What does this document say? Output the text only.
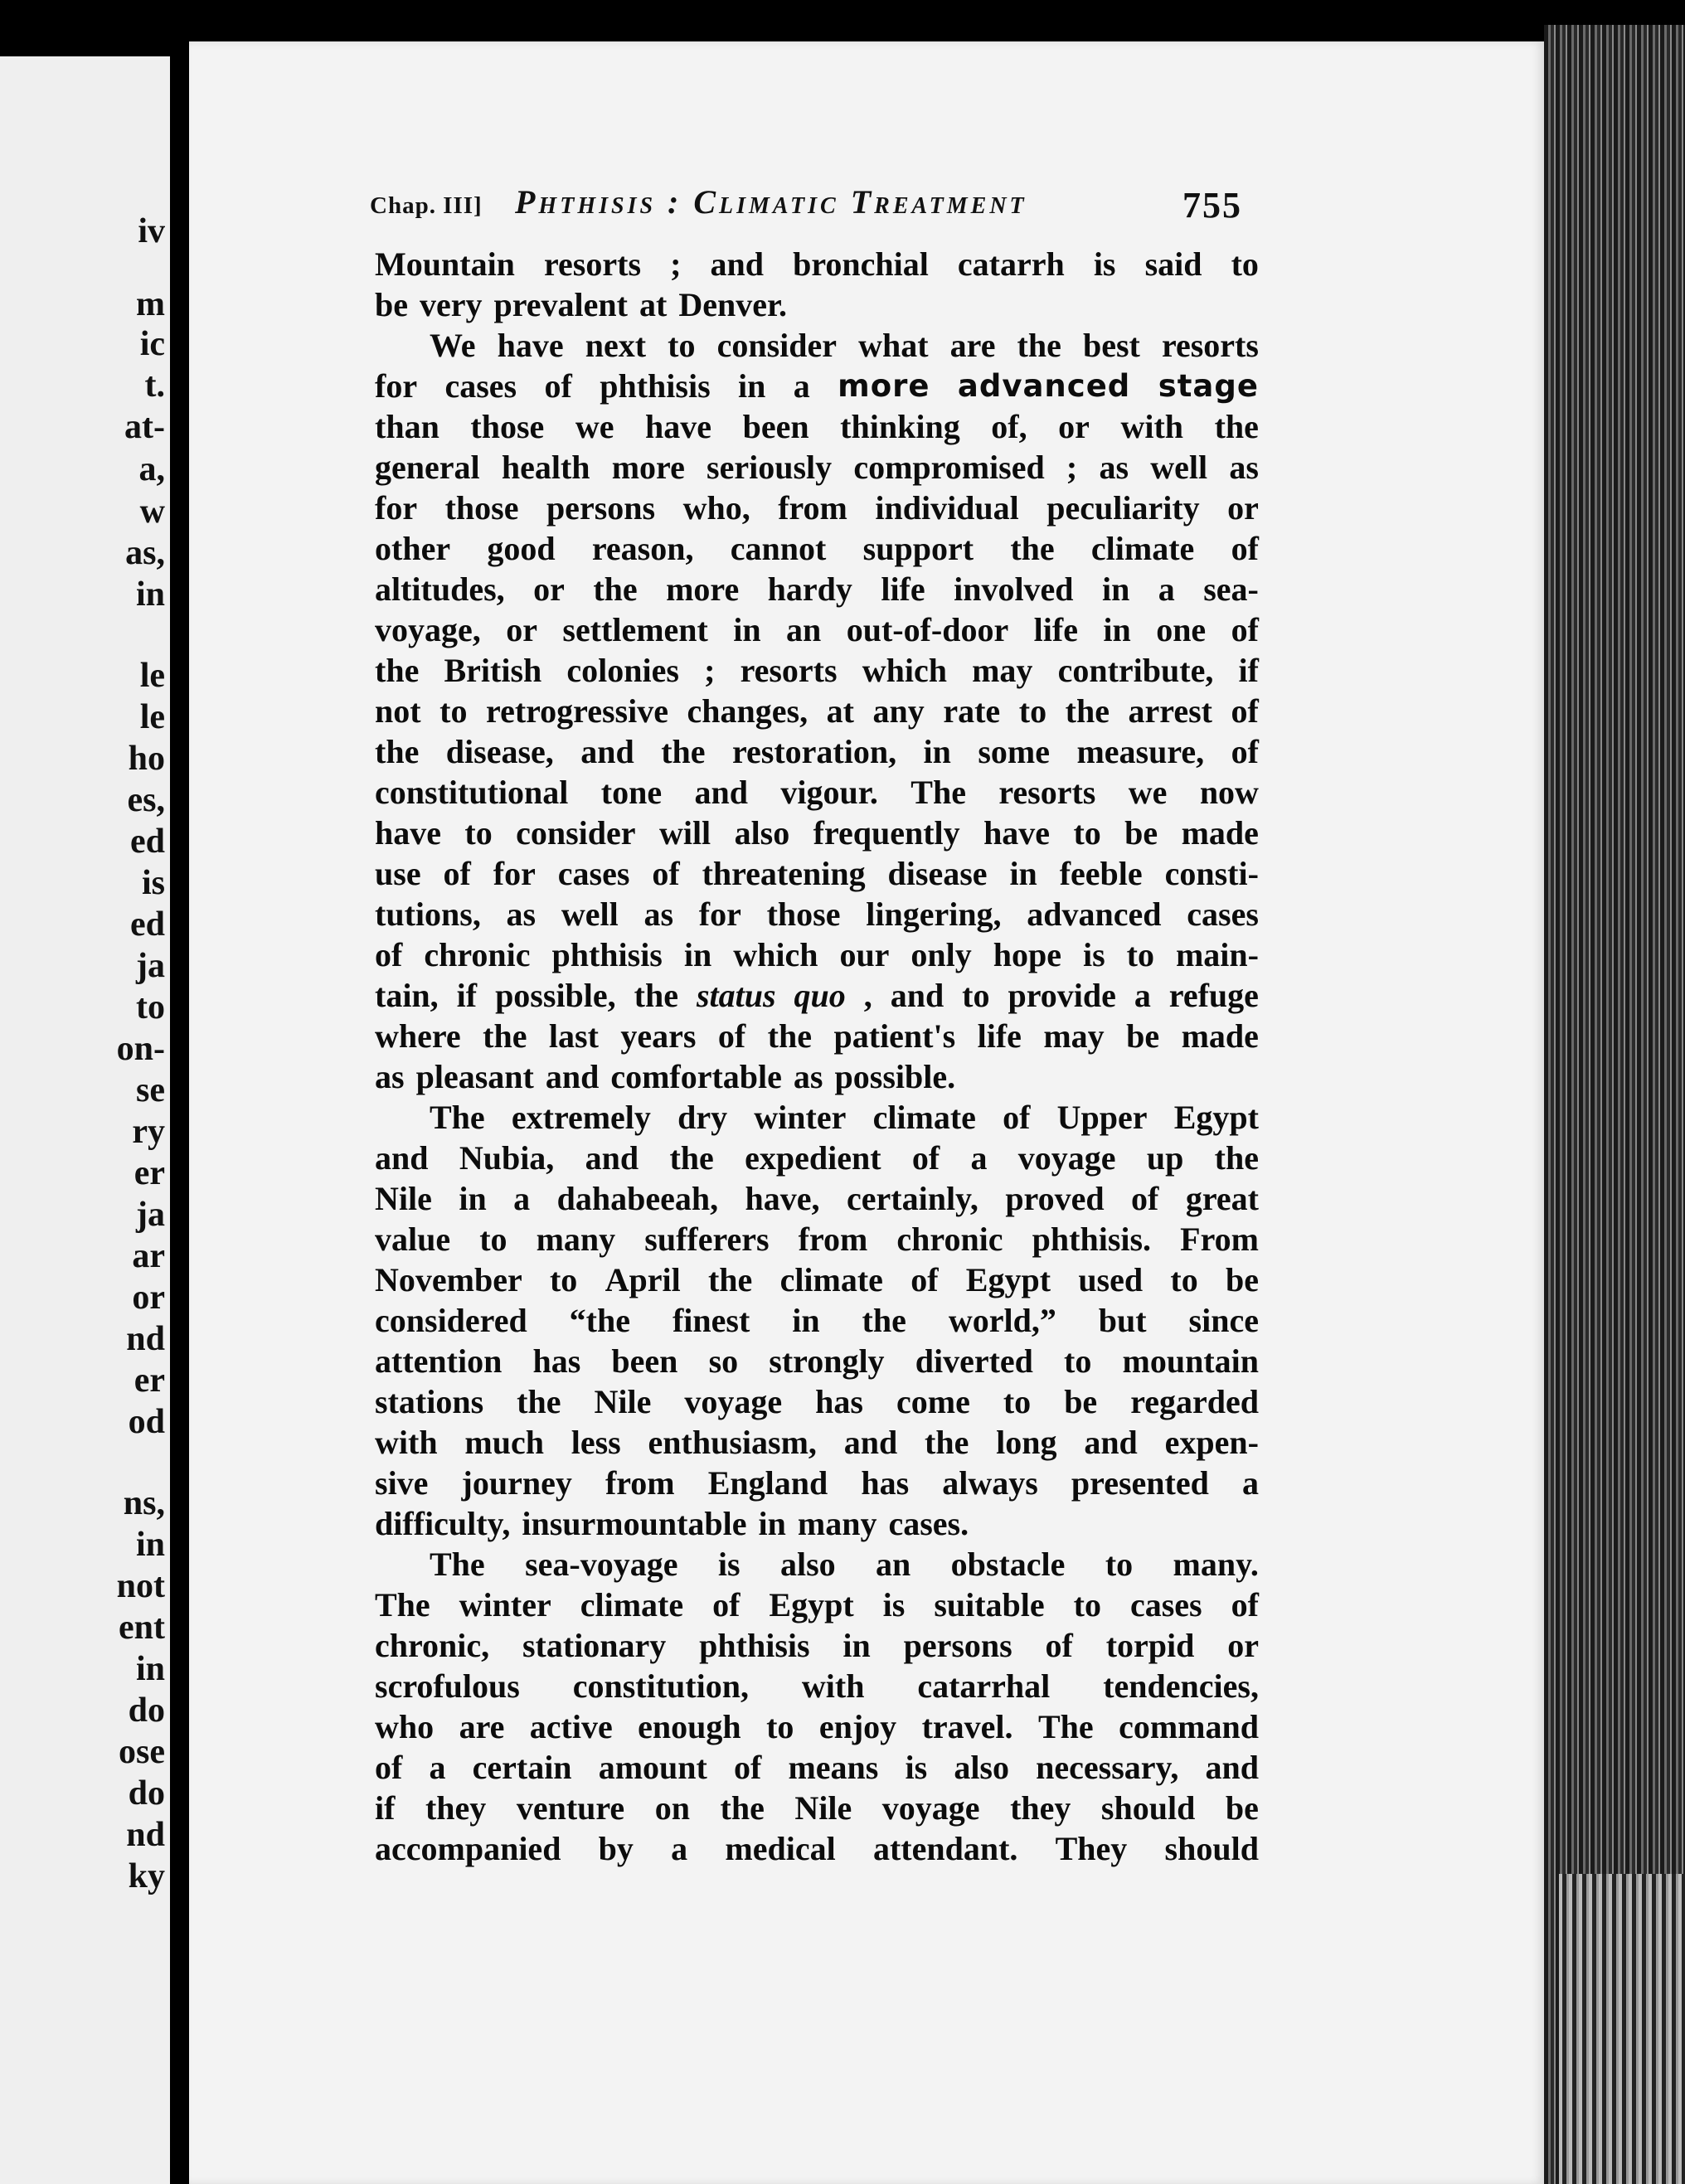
iv
m
ic
t.
at-
a,
w
as,
in
le
le
ho
es,
ed
is
ed
ja
to
on-
se
ry
er
ja
ar
or
nd
er
od
ns,
in
not
ent
in
do
ose
do
nd
ky
Chap. III] Phthisis : Climatic Treatment	755
Mountain resorts ; and bronchial catarrh is said to
be very prevalent at Denver.
We have next to consider what are the best resorts
for cases of phthisis in a more advanced stage
than those we have been thinking of, or with the
general health more seriously compromised ; as well as
for those persons who, from individual peculiarity or
other good reason, cannot support the climate of
altitudes, or the more hardy life involved in a sea-
voyage, or settlement in an out-of-door life in one of
the British colonies ; resorts which may contribute, if
not to retrogressive changes, at any rate to the arrest of
the disease, and the restoration, in some measure, of
constitutional tone and vigour. The resorts we now
have to consider will also frequently have to be made
use of for cases of threatening disease in feeble consti-
tutions, as well as for those lingering, advanced cases
of chronic phthisis in which our only hope is to main-
tain, if possible, the status quo , and to provide a refuge
where the last years of the patient's life may be made
as pleasant and comfortable as possible.
The extremely dry winter climate of Upper Egypt
and Nubia, and the expedient of a voyage up the
Nile in a dahabeeah, have, certainly, proved of great
value to many sufferers from chronic phthisis. From
November to April the climate of Egypt used to be
considered “the finest in the world,” but since
attention has been so strongly diverted to mountain
stations the Nile voyage has come to be regarded
with much less enthusiasm, and the long and expen-
sive journey from England has always presented a
difficulty, insurmountable in many cases.
The sea-voyage is also an obstacle to many.
The winter climate of Egypt is suitable to cases of
chronic, stationary phthisis in persons of torpid or
scrofulous constitution, with catarrhal tendencies,
who are active enough to enjoy travel. The command
of a certain amount of means is also necessary, and
if they venture on the Nile voyage they should be
accompanied by a medical attendant. They should
